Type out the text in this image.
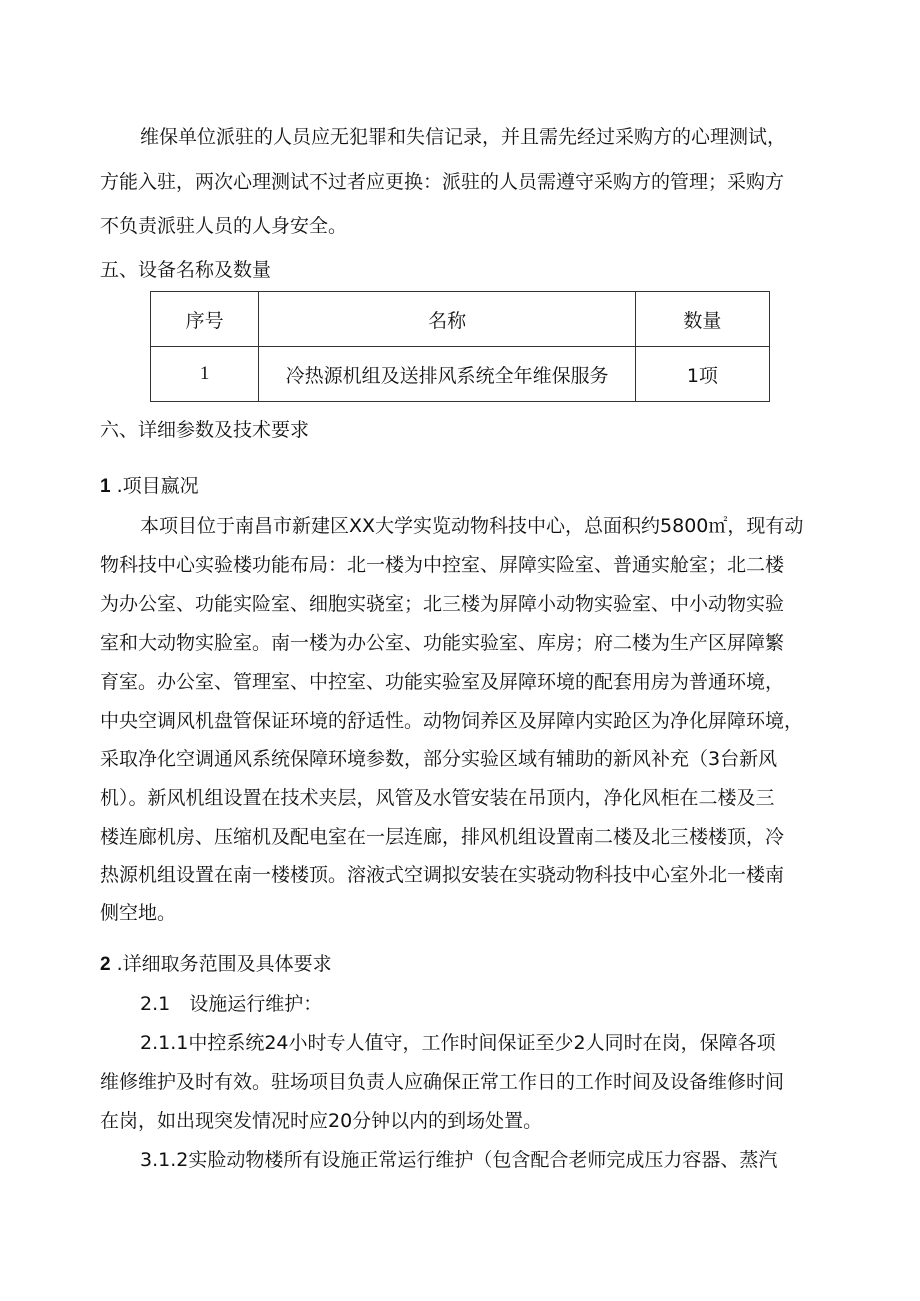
维保单位派驻的人员应无犯罪和失信记录，并且需先经过采购方的心理测试，
方能入驻，两次心理测试不过者应更换：派驻的人员需遵守采购方的管理；采购方
不负责派驻人员的人身安全。
五、设备名称及数量
序号	名称	数量
1	冷热源机组及送排风系统全年维保服务	1项
六、详细参数及技术要求
1 .项目嬴况
本项目位于南昌市新建区XX大学实览动物科技中心，总面积约5800㎡，现有动
物科技中心实验楼功能布局：北一楼为中控室、屏障实险室、普通实舱室；北二楼
为办公室、功能实险室、细胞实骁室；北三楼为屏障小动物实验室、中小动物实验
室和大动物实脸室。南一楼为办公室、功能实验室、库房；府二楼为生产区屏障繁
育室。办公室、管理室、中控室、功能实验室及屏障环境的配套用房为普通环境，
中央空调风机盘管保证环境的舒适性。动物饲养区及屏障内实跄区为净化屏障环境，
采取净化空调通风系统保障环境参数，部分实验区域有辅助的新风补充（3台新风
机）。新风机组设置在技术夹层，风管及水管安装在吊顶内，净化风柜在二楼及三
楼连廊机房、压缩机及配电室在一层连廊，排风机组设置南二楼及北三楼楼顶，冷
热源机组设置在南一楼楼顶。溶液式空调拟安装在实骁动物科技中心室外北一楼南
侧空地。
2 .详细取务范围及具体要求
2.1　设施运行维护：
2.1.1中控系统24小时专人值守，工作时间保证至少2人同时在岗，保障各项
维修维护及时有效。驻场项目负责人应确保正常工作日的工作时间及设备维修时间
在岗，如出现突发情况时应20分钟以内的到场处置。
3.1.2实脸动物楼所有设施正常运行维护（包含配合老师完成压力容器、蒸汽
